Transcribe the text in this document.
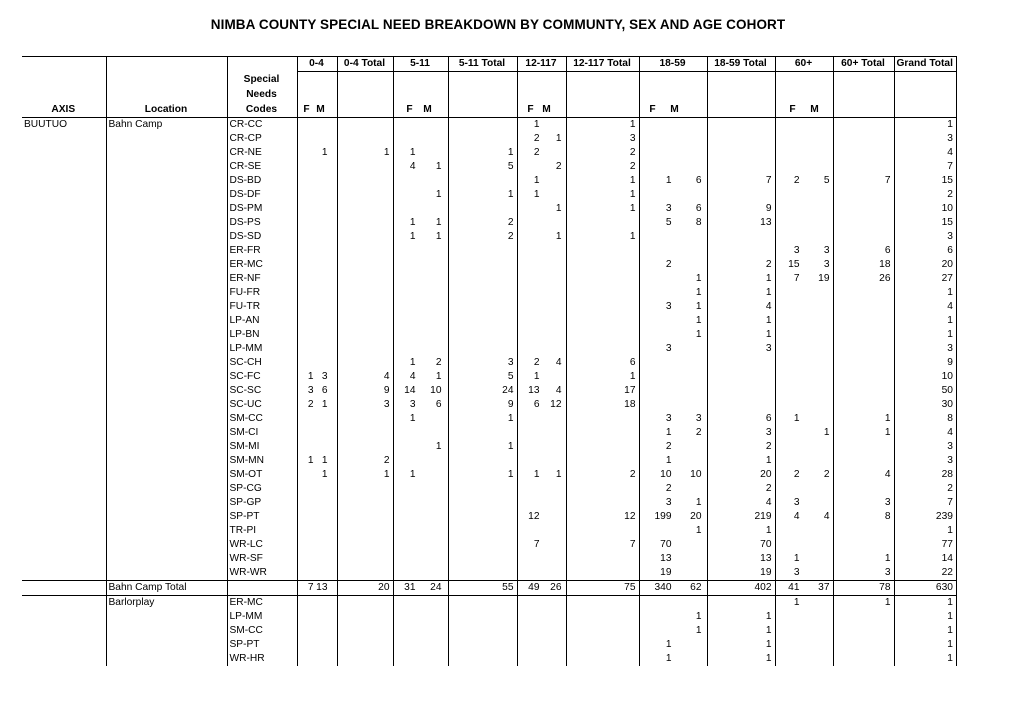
NIMBA COUNTY SPECIAL NEED BREAKDOWN BY COMMUNTY, SEX AND AGE COHORT
			0-4	0-4 Total	5-11	5-11 Total	12-117	12-117 Total	18-59	18-59 Total	60+	60+ Total	Grand Total
AXIS	Location	Special Needs Codes	F M		F M		F M		F M		F M		
BUUTUO	Bahn Camp	CR-CC					1	1					1
		CR-CP					2 1	3					3
		CR-NE	1	1	1	1	2	2					4
		CR-SE			4 1	5	2	2					7
		DS-BD					1	1	1 6	7	2 5	7	15
		DS-DF			1	1	1	1					2
		DS-PM					1	1	3 6	9			10
		DS-PS			1 1	2			5 8	13			15
		DS-SD			1 1	2	1	1					3
		ER-FR									3 3	6	6
		ER-MC							2	2	15 3	18	20
		ER-NF							1	1	7 19	26	27
		FU-FR							1	1			1
		FU-TR							3 1	4			4
		LP-AN							1	1			1
		LP-BN							1	1			1
		LP-MM							3	3			3
		SC-CH			1 2	3	2 4	6					9
		SC-FC	1 3	4	4 1	5	1	1					10
		SC-SC	3 6	9	14 10	24	13 4	17					50
		SC-UC	2 1	3	3 6	9	6 12	18					30
		SM-CC			1	1			3 3	6	1	1	8
		SM-CI							1 2	3	1	1	4
		SM-MI			1	1			2	2			3
		SM-MN	1 1	2					1	1			3
		SM-OT	1	1	1	1	1 1	2	10 10	20	2 2	4	28
		SP-CG							2	2			2
		SP-GP							3 1	4	3	3	7
		SP-PT					12	12	199 20	219	4 4	8	239
		TR-PI							1	1			1
		WR-LC					7	7	70	70			77
		WR-SF							13	13	1	1	14
		WR-WR							19	19	3	3	22
	Bahn Camp Total		7 13	20	31 24	55	49 26	75	340 62	402	41 37	78	630
	Barlorplay	ER-MC									1	1	1
		LP-MM							1	1			1
		SM-CC							1	1			1
		SP-PT							1	1			1
		WR-HR							1	1			1
